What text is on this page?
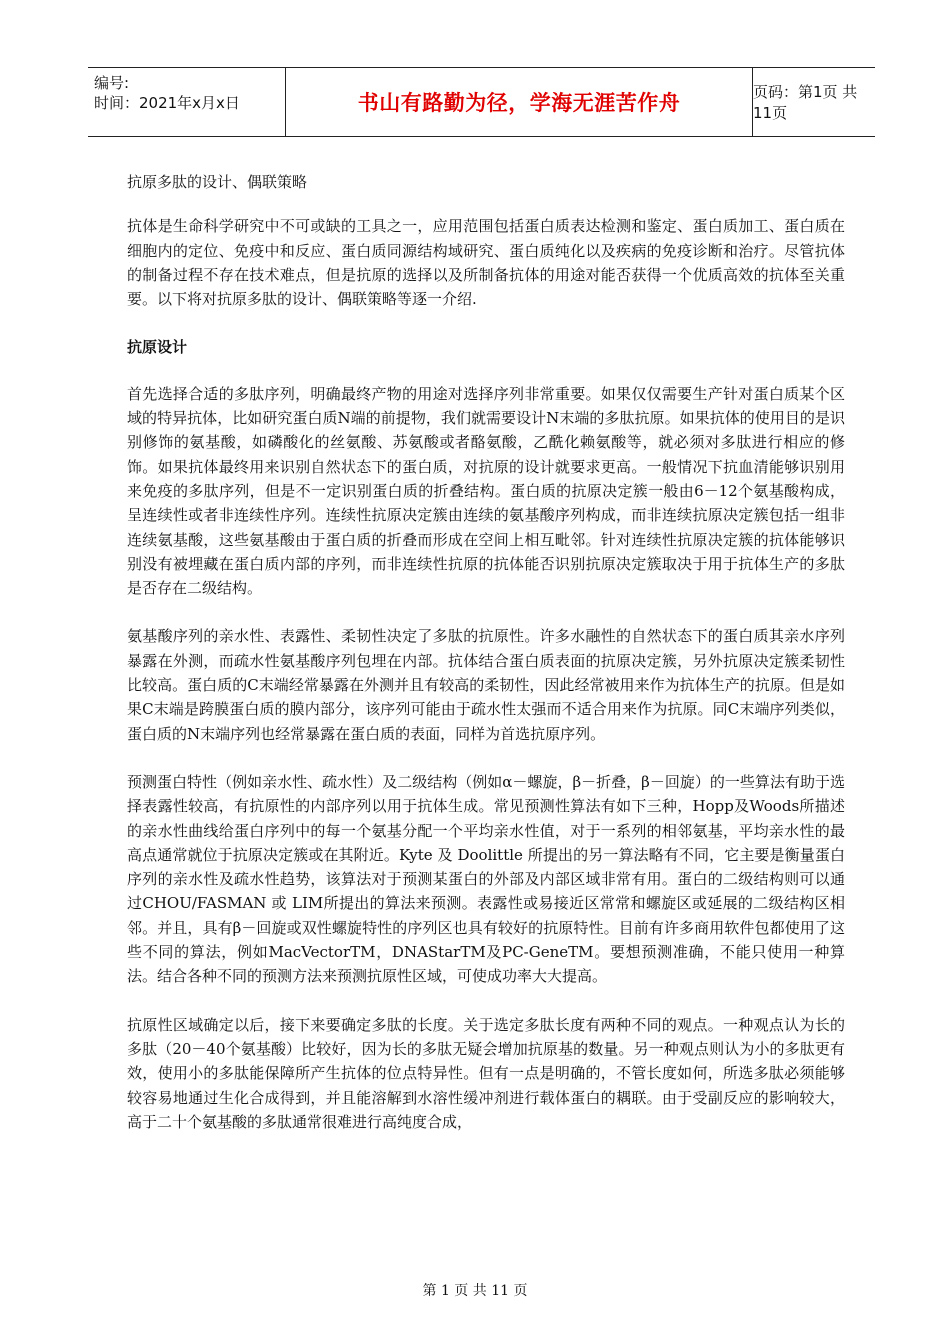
编号:
时间：2021年x月x日	书山有路勤为径，学海无涯苦作舟	页码：第1页 共11页

抗原多肽的设计、偶联策略

抗体是生命科学研究中不可或缺的工具之一，应用范围包括蛋白质表达检测和鉴定、蛋白质加工、蛋白质在细胞内的定位、免疫中和反应、蛋白质同源结构域研究、蛋白质纯化以及疾病的免疫诊断和治疗。尽管抗体的制备过程不存在技术难点，但是抗原的选择以及所制备抗体的用途对能否获得一个优质高效的抗体至关重要。以下将对抗原多肽的设计、偶联策略等逐一介绍.

抗原设计

首先选择合适的多肽序列，明确最终产物的用途对选择序列非常重要。如果仅仅需要生产针对蛋白质某个区域的特异抗体，比如研究蛋白质N端的前提物，我们就需要设计N末端的多肽抗原。如果抗体的使用目的是识别修饰的氨基酸，如磷酸化的丝氨酸、苏氨酸或者酪氨酸，乙酰化赖氨酸等，就必须对多肽进行相应的修饰。如果抗体最终用来识别自然状态下的蛋白质，对抗原的设计就要求更高。一般情况下抗血清能够识别用来免疫的多肽序列，但是不一定识别蛋白质的折叠结构。蛋白质的抗原决定簇一般由6－12个氨基酸构成，呈连续性或者非连续性序列。连续性抗原决定簇由连续的氨基酸序列构成，而非连续抗原决定簇包括一组非连续氨基酸，这些氨基酸由于蛋白质的折叠而形成在空间上相互毗邻。针对连续性抗原决定簇的抗体能够识别没有被埋藏在蛋白质内部的序列，而非连续性抗原的抗体能否识别抗原决定簇取决于用于抗体生产的多肽是否存在二级结构。

氨基酸序列的亲水性、表露性、柔韧性决定了多肽的抗原性。许多水融性的自然状态下的蛋白质其亲水序列暴露在外测，而疏水性氨基酸序列包埋在内部。抗体结合蛋白质表面的抗原决定簇，另外抗原决定簇柔韧性比较高。蛋白质的C末端经常暴露在外测并且有较高的柔韧性，因此经常被用来作为抗体生产的抗原。但是如果C末端是跨膜蛋白质的膜内部分，该序列可能由于疏水性太强而不适合用来作为抗原。同C末端序列类似，蛋白质的N末端序列也经常暴露在蛋白质的表面，同样为首选抗原序列。

预测蛋白特性（例如亲水性、疏水性）及二级结构（例如α－螺旋，β－折叠，β－回旋）的一些算法有助于选择表露性较高，有抗原性的内部序列以用于抗体生成。常见预测性算法有如下三种，Hopp及Woods所描述的亲水性曲线给蛋白序列中的每一个氨基分配一个平均亲水性值，对于一系列的相邻氨基，平均亲水性的最高点通常就位于抗原决定簇或在其附近。Kyte 及 Doolittle 所提出的另一算法略有不同，它主要是衡量蛋白序列的亲水性及疏水性趋势，该算法对于预测某蛋白的外部及内部区域非常有用。蛋白的二级结构则可以通过CHOU/FASMAN 或 LIM所提出的算法来预测。表露性或易接近区常常和螺旋区或延展的二级结构区相邻。并且，具有β－回旋或双性螺旋特性的序列区也具有较好的抗原特性。目前有许多商用软件包都使用了这些不同的算法，例如MacVectorTM，DNAStarTM及PC-GeneTM。要想预测准确，不能只使用一种算法。结合各种不同的预测方法来预测抗原性区域，可使成功率大大提高。

抗原性区域确定以后，接下来要确定多肽的长度。关于选定多肽长度有两种不同的观点。一种观点认为长的多肽（20－40个氨基酸）比较好，因为长的多肽无疑会增加抗原基的数量。另一种观点则认为小的多肽更有效，使用小的多肽能保障所产生抗体的位点特异性。但有一点是明确的，不管长度如何，所选多肽必须能够较容易地通过生化合成得到，并且能溶解到水溶性缓冲剂进行载体蛋白的耦联。由于受副反应的影响较大，高于二十个氨基酸的多肽通常很难进行高纯度合成，

第 1 页 共 11 页
